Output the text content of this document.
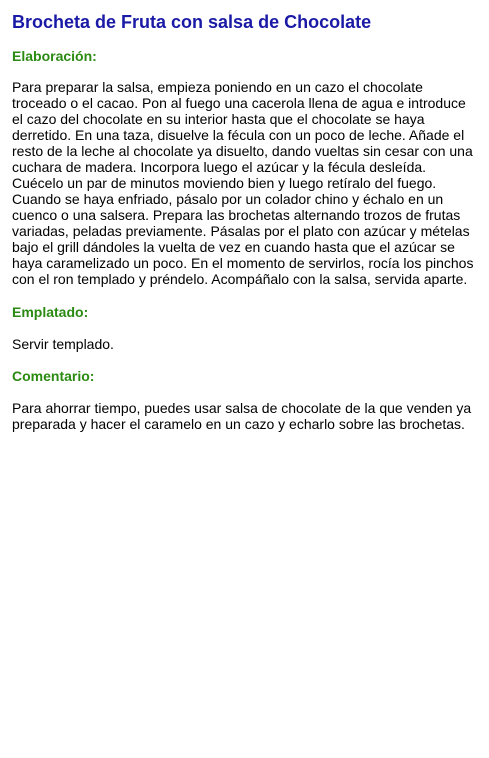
Brocheta de Fruta con salsa de Chocolate
Elaboración:

Para preparar la salsa, empieza poniendo en un cazo el chocolate troceado o el cacao. Pon al fuego una cacerola llena de agua e introduce el cazo del chocolate en su interior hasta que el chocolate se haya derretido. En una taza, disuelve la fécula con un poco de leche. Añade el resto de la leche al chocolate ya disuelto, dando vueltas sin cesar con una cuchara de madera. Incorpora luego el azúcar y la fécula desleída. Cuécelo un par de minutos moviendo bien y luego retíralo del fuego. Cuando se haya enfriado, pásalo por un colador chino y échalo en un cuenco o una salsera. Prepara las brochetas alternando trozos de frutas variadas, peladas previamente. Pásalas por el plato con azúcar y mételas bajo el grill dándoles la vuelta de vez en cuando hasta que el azúcar se haya caramelizado un poco. En el momento de servirlos, rocía los pinchos con el ron templado y préndelo. Acompáñalo con la salsa, servida aparte.

Emplatado:

Servir templado.

Comentario:

Para ahorrar tiempo, puedes usar salsa de chocolate de la que venden ya preparada y hacer el caramelo en un cazo y echarlo sobre las brochetas.
